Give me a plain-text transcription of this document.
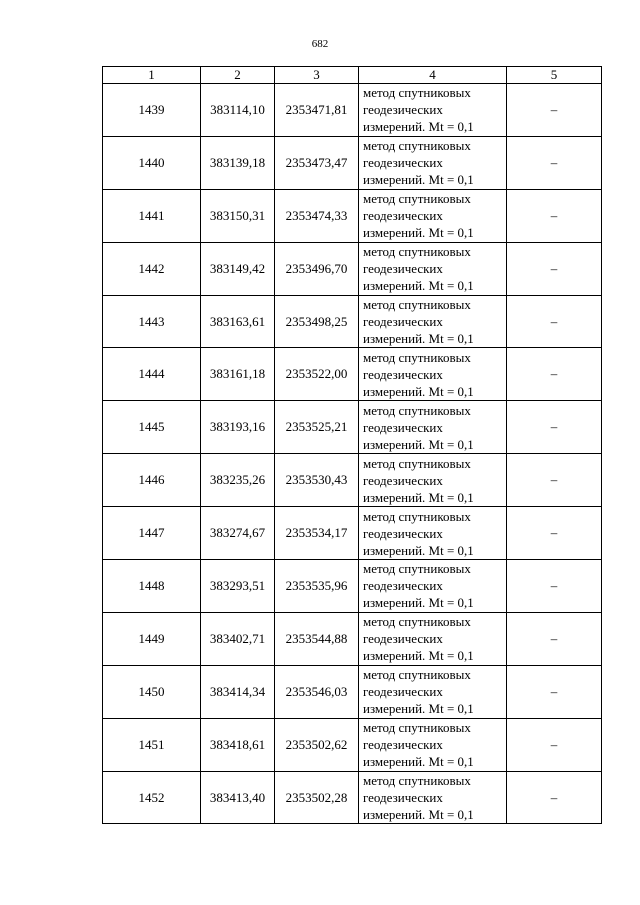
682
1	2	3	4	5
1439	383114,10	2353471,81	метод спутниковых
геодезических
измерений. Mt = 0,1	–
1440	383139,18	2353473,47	метод спутниковых
геодезических
измерений. Mt = 0,1	–
1441	383150,31	2353474,33	метод спутниковых
геодезических
измерений. Mt = 0,1	–
1442	383149,42	2353496,70	метод спутниковых
геодезических
измерений. Mt = 0,1	–
1443	383163,61	2353498,25	метод спутниковых
геодезических
измерений. Mt = 0,1	–
1444	383161,18	2353522,00	метод спутниковых
геодезических
измерений. Mt = 0,1	–
1445	383193,16	2353525,21	метод спутниковых
геодезических
измерений. Mt = 0,1	–
1446	383235,26	2353530,43	метод спутниковых
геодезических
измерений. Mt = 0,1	–
1447	383274,67	2353534,17	метод спутниковых
геодезических
измерений. Mt = 0,1	–
1448	383293,51	2353535,96	метод спутниковых
геодезических
измерений. Mt = 0,1	–
1449	383402,71	2353544,88	метод спутниковых
геодезических
измерений. Mt = 0,1	–
1450	383414,34	2353546,03	метод спутниковых
геодезических
измерений. Mt = 0,1	–
1451	383418,61	2353502,62	метод спутниковых
геодезических
измерений. Mt = 0,1	–
1452	383413,40	2353502,28	метод спутниковых
геодезических
измерений. Mt = 0,1	–
